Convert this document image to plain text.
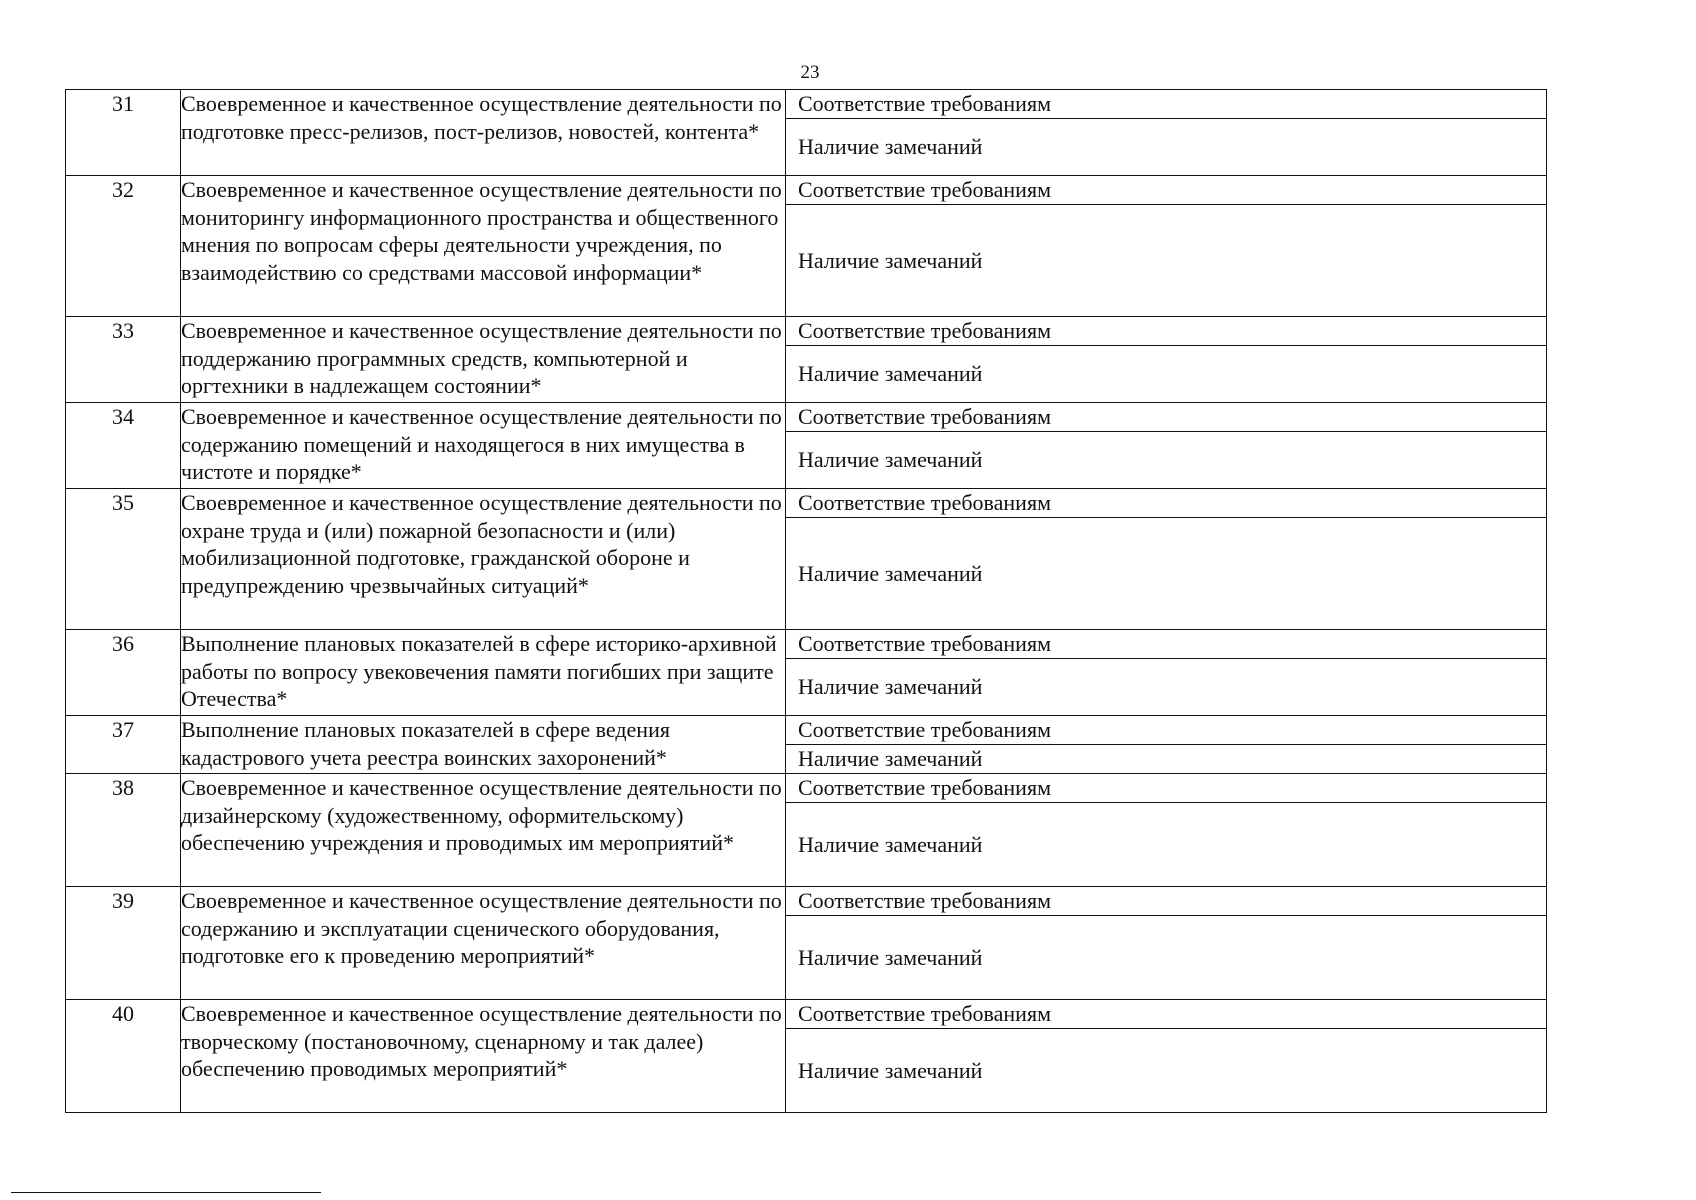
23
31	Своевременное и качественное осуществление деятельности по подготовке пресс-релизов, пост-релизов, новостей, контента*	Соответствие требованиям
Наличие замечаний

32	Своевременное и качественное осуществление деятельности по мониторингу информационного пространства и общественного мнения по вопросам сферы деятельности учреждения, по взаимодействию со средствами массовой информации*	Соответствие требованиям
Наличие замечаний

33	Своевременное и качественное осуществление деятельности по поддержанию программных средств, компьютерной и оргтехники в надлежащем состоянии*	Соответствие требованиям
Наличие замечаний

34	Своевременное и качественное осуществление деятельности по содержанию помещений и находящегося в них имущества в чистоте и порядке*	Соответствие требованиям
Наличие замечаний

35	Своевременное и качественное осуществление деятельности по охране труда и (или) пожарной безопасности и (или) мобилизационной подготовке, гражданской обороне и предупреждению чрезвычайных ситуаций*	Соответствие требованиям
Наличие замечаний

36	Выполнение плановых показателей в сфере историко-архивной работы по вопросу увековечения памяти погибших при защите Отечества*	Соответствие требованиям
Наличие замечаний

37	Выполнение плановых показателей в сфере ведения кадастрового учета реестра воинских захоронений*	Соответствие требованиям
Наличие замечаний

38	Своевременное и качественное осуществление деятельности по дизайнерскому (художественному, оформительскому) обеспечению учреждения и проводимых им мероприятий*	Соответствие требованиям
Наличие замечаний

39	Своевременное и качественное осуществление деятельности по содержанию и эксплуатации сценического оборудования, подготовке его к проведению мероприятий*	Соответствие требованиям
Наличие замечаний

40	Своевременное и качественное осуществление деятельности по творческому (постановочному, сценарному и так далее) обеспечению проводимых мероприятий*	Соответствие требованиям
Наличие замечаний
